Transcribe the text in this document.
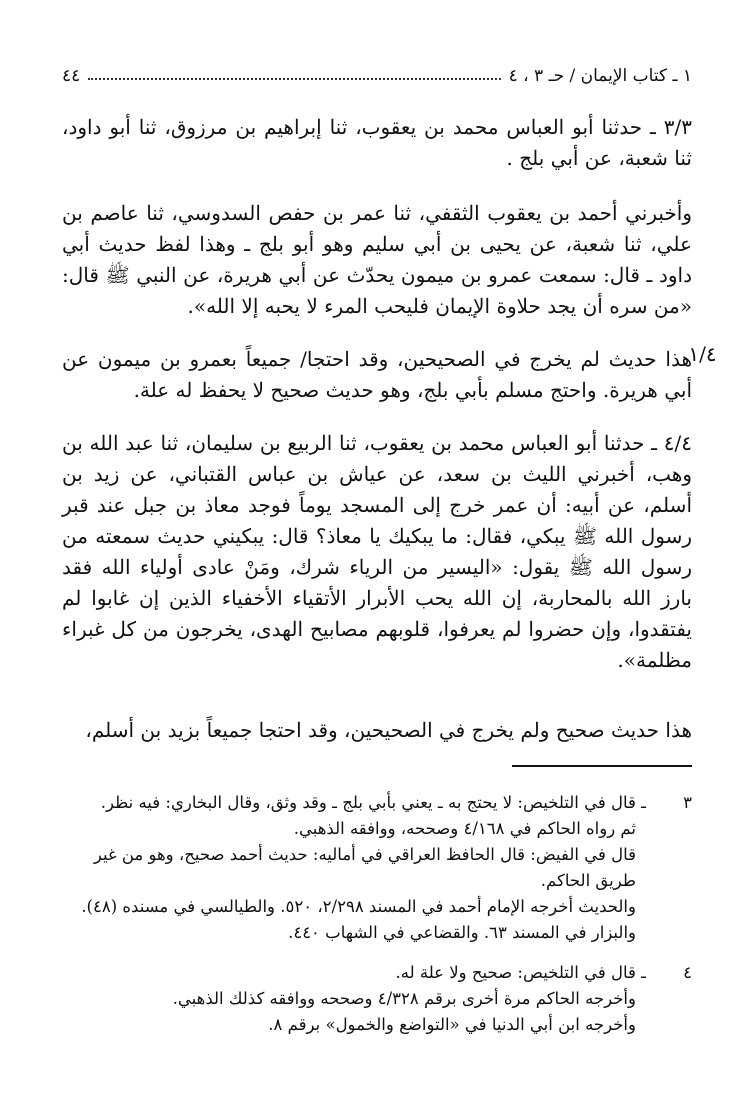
١ ـ كتاب الإيمان / حـ ٣ ، ٤
٤٤

٣/٣ ـ حدثنا أبو العباس محمد بن يعقوب، ثنا إبراهيم بن مرزوق، ثنا أبو داود، ثنا شعبة، عن أبي بلج .

وأخبرني أحمد بن يعقوب الثقفي، ثنا عمر بن حفص السدوسي، ثنا عاصم بن علي، ثنا شعبة، عن يحيى بن أبي سليم وهو أبو بلج ـ وهذا لفظ حديث أبي داود ـ قال: سمعت عمرو بن ميمون يحدّث عن أبي هريرة، عن النبي ﷺ قال: «من سره أن يجد حلاوة الإيمان فليحب المرء لا يحبه إلا الله».

١/٤

هذا حديث لم يخرج في الصحيحين، وقد احتجا/ جميعاً بعمرو بن ميمون عن أبي هريرة. واحتج مسلم بأبي بلج، وهو حديث صحيح لا يحفظ له علة.

٤/٤ ـ حدثنا أبو العباس محمد بن يعقوب، ثنا الربيع بن سليمان، ثنا عبد الله بن وهب، أخبرني الليث بن سعد، عن عياش بن عباس القتباني، عن زيد بن أسلم، عن أبيه: أن عمر خرج إلى المسجد يوماً فوجد معاذ بن جبل عند قبر رسول الله ﷺ يبكي، فقال: ما يبكيك يا معاذ؟ قال: يبكيني حديث سمعته من رسول الله ﷺ يقول: «اليسير من الرياء شرك، ومَنْ عادى أولياء الله فقد بارز الله بالمحاربة، إن الله يحب الأبرار الأتقياء الأخفياء الذين إن غابوا لم يفتقدوا، وإن حضروا لم يعرفوا، قلوبهم مصابيح الهدى، يخرجون من كل غبراء مظلمة».

هذا حديث صحيح ولم يخرج في الصحيحين، وقد احتجا جميعاً بزيد بن أسلم،

٣

ـ قال في التلخيص: لا يحتج به ـ يعني بأبي بلج ـ وقد وثق، وقال البخاري: فيه نظر.

ثم رواه الحاكم في ٤/١٦٨ وصححه، ووافقه الذهبي.

قال في الفيض: قال الحافظ العراقي في أماليه: حديث أحمد صحيح، وهو من غير طريق الحاكم.

والحديث أخرجه الإمام أحمد في المسند ٢/٢٩٨، ٥٢٠. والطيالسي في مسنده (٤٨). والبزار في المسند ٦٣. والقضاعي في الشهاب ٤٤٠.

٤

ـ قال في التلخيص: صحيح ولا علة له.

وأخرجه الحاكم مرة أخرى برقم ٤/٣٢٨ وصححه ووافقه كذلك الذهبي.

وأخرجه ابن أبي الدنيا في «التواضع والخمول» برقم ٨.
